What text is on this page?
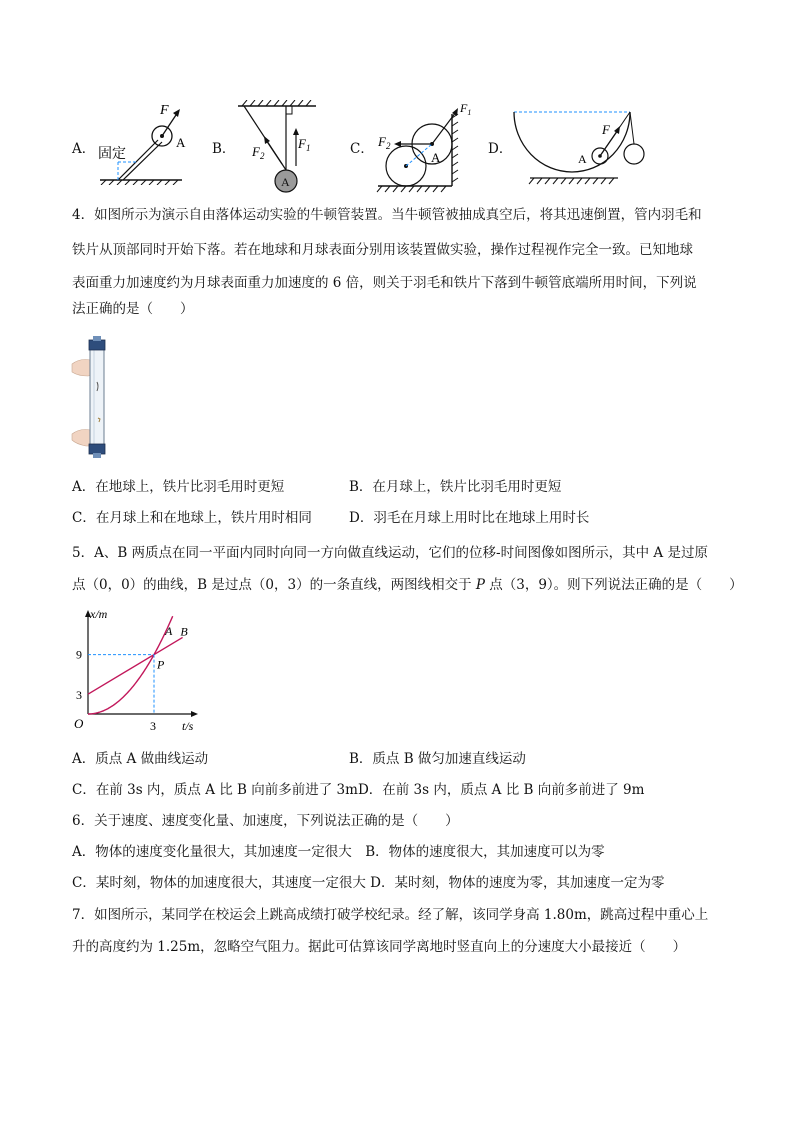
A．
F
A
固定	B．	$F_1$
$F_2$
A
C．
$F_1$
$F_2$
A
D．
F
A
4．如图所示为演示自由落体运动实验的牛顿管装置。当牛顿管被抽成真空后，将其迅速倒置，管内羽毛和
铁片从顶部同时开始下落。若在地球和月球表面分别用该装置做实验，操作过程视作完全一致。已知地球
表面重力加速度约为月球表面重力加速度的 6 倍，则关于羽毛和铁片下落到牛顿管底端所用时间，下列说
法正确的是（　　）
A．在地球上，铁片比羽毛用时更短	B．在月球上，铁片比羽毛用时更短
C．在月球上和在地球上，铁片用时相同	D．羽毛在月球上用时比在地球上用时长
5．A、B 两质点在同一平面内同时向同一方向做直线运动，它们的位移-时间图像如图所示，其中 A 是过原
点（0，0）的曲线，B 是过点（0，3）的一条直线，两图线相交于 P 点（3，9）。则下列说法正确的是（　　）
x/m
t/s
O
9
3
3
P
A B
A．质点 A 做曲线运动	B．质点 B 做匀加速直线运动
C．在前 3s 内，质点 A 比 B 向前多前进了 3mD．在前 3s 内，质点 A 比 B 向前多前进了 9m
6．关于速度、速度变化量、加速度，下列说法正确的是（　　）
A．物体的速度变化量很大，其加速度一定很大　B．物体的速度很大，其加速度可以为零
C．某时刻，物体的加速度很大，其速度一定很大 D．某时刻，物体的速度为零，其加速度一定为零
7．如图所示，某同学在校运会上跳高成绩打破学校纪录。经了解，该同学身高 1.80m，跳高过程中重心上
升的高度约为 1.25m，忽略空气阻力。据此可估算该同学离地时竖直向上的分速度大小最接近（　　）
